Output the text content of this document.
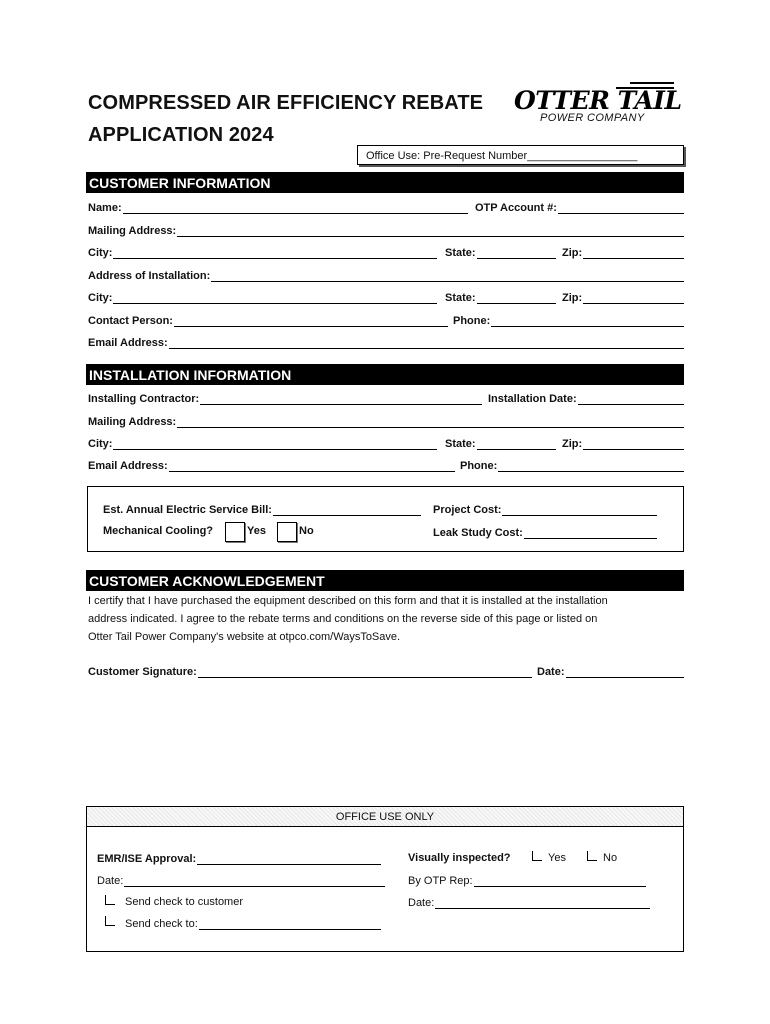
COMPRESSED AIR EFFICIENCY REBATE
APPLICATION 2024
OTTER TAIL
POWER COMPANY
Office Use: Pre-Request Number__________________
CUSTOMER INFORMATION
Name:	OTP Account #:
Mailing Address:
City:	State:	Zip:
Address of Installation:
City:	State:	Zip:
Contact Person:	Phone:
Email Address:
INSTALLATION INFORMATION
Installing Contractor:	Installation Date:
Mailing Address:
City:	State:	Zip:
Email Address:	Phone:
Est. Annual Electric Service Bill:	Project Cost:
Mechanical Cooling?	Yes	No	Leak Study Cost:
CUSTOMER ACKNOWLEDGEMENT
I certify that I have purchased the equipment described on this form and that it is installed at the installation
address indicated. I agree to the rebate terms and conditions on the reverse side of this page or listed on
Otter Tail Power Company's website at otpco.com/WaysToSave.
Customer Signature:	Date:
OFFICE USE ONLY
EMR/ISE Approval:	Visually inspected?	Yes	No
Date:	By OTP Rep:
Send check to customer	Date:
Send check to:
